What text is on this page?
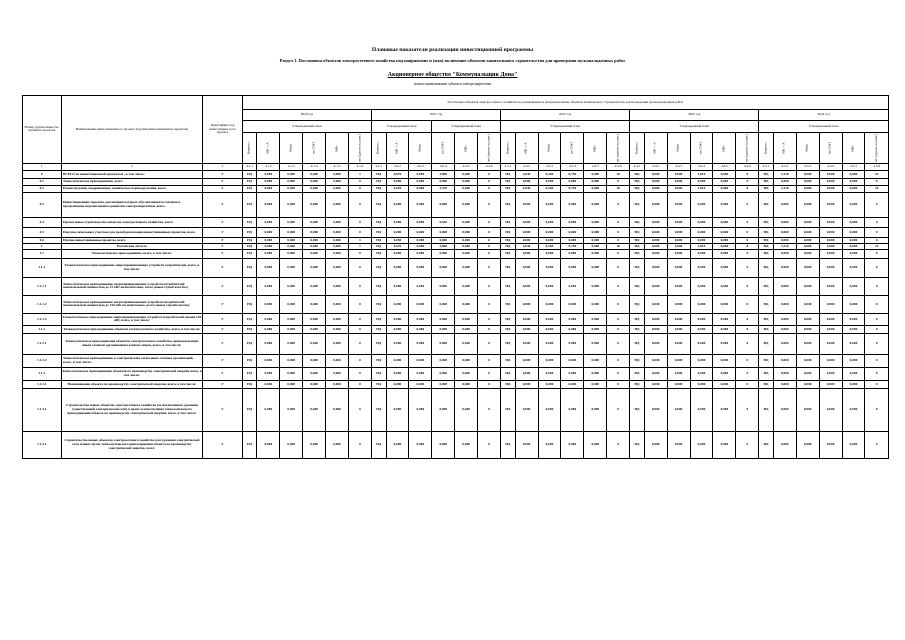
Плановые показатели реализации инвестиционной программы
Раздел 1. Постановка объектов электросетевого хозяйства под напряжение и (или) включение объектов капитального строительства для проведения пусконаладочных работ
Акционерное общество "Коммунальщик Дона"
полное наименование субъекта электроэнергетики
Номер группы инвести-ционных проектов	Наименование инвестиционного проекта (группы инвестиционных проектов)	Идентифика-тор инвестицион-ного проекта	Постановка объектов электросетевого хозяйства под напряжение и (или) включение объектов капитального строительства для проведения пусконаладочных работ																													
			2020 год						2021 год						2022 год						2023 год						2024 год					
			Утвержденный план						Утвержденный план			Утвержденный план			Утвержденный план						Утвержденный план						Утвержденный план					
			Квартал	МВ×А	Мвар	км ЛЭП	МВт	шт (другие ед.изм.)	Квартал	МВ×А	Мвар	км ЛЭП	МВт	шт (другие ед.изм.)	Квартал	МВ×А	Мвар	км ЛЭП	МВт	шт (другие ед.изм.)	Квартал	МВ×А	Мвар	км ЛЭП	МВт	шт (другие ед.изм.)	Квартал	МВ×А	Мвар	км ЛЭП	МВт	шт (другие ед.изм.)
1	2	3	4.1.1	4.1.2	4.1.3	4.1.4	4.1.5	4.1.6	4.2.1	4.2.2	4.2.3	4.2.4	4.2.5	4.2.6	4.3.1	4.3.2	4.3.3	4.3.4	4.3.5	4.3.6	4.4.1	4.4.2	4.4.3	4.4.4	4.4.5	4.4.6	4.5.1	4.5.2	4.5.3	4.5.4	4.5.5	4.5.6
0	ВСЕГО по инвестиционной программе , в том числе:	Г	НД	0,000	0,000	0,000	0,000	1	НД	0,670	0,000	3,800	0,000	0	НД	2,630	0,260	0,750	0,000	16	НД	0,000	0,000	1,810	0,000	8	НД	1,510	0,000	0,000	0,000	25
0.1	Технологическое присоединение, всего	Г	НД	0,000	0,000	0,000	0,000	0	НД	0,000	0,000	0,000	0,000	0	НД	0,000	0,000	0,000	0,000	0	НД	0,000	0,000	0,000	0,000	0	НД	0,000	0,000	0,000	0,000	0
0.2	Реконструкция, модернизация, техническое перевооружение, всего	Г	НД	0,000	0,000	0,000	0,000	0	НД	0,620	0,000	3,270	0,000	0	НД	2,630	0,260	0,750	0,000	16	НД	0,000	0,000	1,810	0,000	8	НД	1,510	0,000	0,000	0,000	25
0.3	Инвестиционные проекты, реализация которых обуславливается схемами и программами перспективного развития электроэнергетики, всего	Г	НД	0,000	0,000	0,000	0,000	0	НД	0,000	0,000	0,000	0,000	0	НД	0,000	0,000	0,000	0,000	0	НД	0,000	0,000	0,000	0,000	0	НД	0,000	0,000	0,000	0,000	0
0.4	Прочее новое строительство объектов электросетевого хозяйства, всего	Г	НД	0,000	0,000	0,000	0,000	0	НД	0,000	0,000	0,620	0,000	0	НД	0,000	0,000	0,000	0,000	0	НД	0,000	0,000	0,000	0,000	0	НД	0,000	0,000	0,000	0,000	0
0.5	Покупка земельных участков для целей реализации инвестиционных проектов, всего	Г	НД	0,000	0,000	0,000	0,000	0	НД	0,000	0,000	0,000	0,000	0	НД	0,000	0,000	0,000	0,000	0	НД	0,000	0,000	0,000	0,000	0	НД	0,000	0,000	0,000	0,000	0
0.6	Прочие инвестиционные проекты, всего	Г	НД	0,000	0,000	0,000	0,000	1	НД	0,050	0,000	0,000	0,000	0	НД	0,000	0,000	0,000	0,000	0	НД	0,000	0,000	0,000	0,000	0	НД	0,000	0,000	0,000	0,000	0
1	Ростовская область	Г	НД	0,000	0,000	0,000	0,000	1	НД	0,670	0,000	3,800	0,000	0	НД	2,630	0,260	0,750	0,000	16	НД	0,000	0,000	1,810	0,000	8	НД	1,510	0,000	0,000	0,000	25
1.1	Технологическое присоединение, всего, в том числе:	Г	НД	0,000	0,000	0,000	0,000	0	НД	0,000	0,000	0,000	0,000	0	НД	0,000	0,000	0,000	0,000	0	НД	0,000	0,000	0,000	0,000	0	НД	0,000	0,000	0,000	0,000	0
1.1.1	Технологическое присоединение энергопринимающих устройств потребителей, всего, в том числе:	Г	НД	0,000	0,000	0,000	0,000	0	НД	0,000	0,000	0,000	0,000	0	НД	0,000	0,000	0,000	0,000	0	НД	0,000	0,000	0,000	0,000	0	НД	0,000	0,000	0,000	0,000	0
1.1.1.1	Технологическое присоединение энергопринимающих устройств потребителей максимальной мощностью до 15 кВт включительно, всего (новое строительство)	Г	НД	0,000	0,000	0,000	0,000	0	НД	0,000	0,000	0,000	0,000	0	НД	0,000	0,000	0,000	0,000	0	НД	0,000	0,000	0,000	0,000	0	НД	0,000	0,000	0,000	0,000	0
1.1.1.2	Технологическое присоединение энергопринимающих устройств потребителей максимальной мощностью до 150 кВт включительно, всего (новое строительство)	Г	НД	0,000	0,000	0,000	0,000	0	НД	0,000	0,000	0,000	0,000	0	НД	0,000	0,000	0,000	0,000	0	НД	0,000	0,000	0,000	0,000	0	НД	0,000	0,000	0,000	0,000	0
1.1.1.3	Технологическое присоединение энергопринимающих устройств потребителей свыше 150 кВт, всего, в том числе:	Г	НД	0,000	0,000	0,000	0,000	0	НД	0,000	0,000	0,000	0,000	0	НД	0,000	0,000	0,000	0,000	0	НД	0,000	0,000	0,000	0,000	0	НД	0,000	0,000	0,000	0,000	0
1.1.2	Технологическое присоединение объектов электросетевого хозяйства, всего, в том числе:	Г	НД	0,000	0,000	0,000	0,000	0	НД	0,000	0,000	0,000	0,000	0	НД	0,000	0,000	0,000	0,000	0	НД	0,000	0,000	0,000	0,000	0	НД	0,000	0,000	0,000	0,000	0
1.1.2.1	Технологическое присоединение объектов электросетевого хозяйства, принадлежащих иным сетевым организациям и иным лицам, всего, в том числе:	Г	НД	0,000	0,000	0,000	0,000	0	НД	0,000	0,000	0,000	0,000	0	НД	0,000	0,000	0,000	0,000	0	НД	0,000	0,000	0,000	0,000	0	НД	0,000	0,000	0,000	0,000	0
1.1.2.2	Технологическое присоединение к электрическим сетям иных сетевых организаций, всего, в том числе:	Г	НД	0,000	0,000	0,000	0,000	0	НД	0,000	0,000	0,000	0,000	0	НД	0,000	0,000	0,000	0,000	0	НД	0,000	0,000	0,000	0,000	0	НД	0,000	0,000	0,000	0,000	0
1.1.3	Технологическое присоединение объектов по производству электрической энергии всего, в том числе:	Г	НД	0,000	0,000	0,000	0,000	0	НД	0,000	0,000	0,000	0,000	0	НД	0,000	0,000	0,000	0,000	0	НД	0,000	0,000	0,000	0,000	0	НД	0,000	0,000	0,000	0,000	0
1.1.3.1	Наименование объекта по производству электрической энергии, всего, в том числе:	Г	НД	0,000	0,000	0,000	0,000	0	НД	0,000	0,000	0,000	0,000	0	НД	0,000	0,000	0,000	0,000	0	НД	0,000	0,000	0,000	0,000	0	НД	0,000	0,000	0,000	0,000	0
1.1.3.1	Строительство новых объектов электросетевого хозяйства (за исключением удаления существующей электрической сети) в целях осуществления технологического присоединения объекта по производству электрической энергии, всего, в том числе:	Г	НД	0,000	0,000	0,000	0,000	0	НД	0,000	0,000	0,000	0,000	0	НД	0,000	0,000	0,000	0,000	0	НД	0,000	0,000	0,000	0,000	0	НД	0,000	0,000	0,000	0,000	0
1.1.3.1	Строительство новых объектов электросетевого хозяйства для удаления электрической сети и иных целях технологического присоединения объекта по производству электрической энергии, всего:	Г	НД	0,000	0,000	0,000	0,000	0	НД	0,000	0,000	0,000	0,000	0	НД	0,000	0,000	0,000	0,000	0	НД	0,000	0,000	0,000	0,000	0	НД	0,000	0,000	0,000	0,000	0
